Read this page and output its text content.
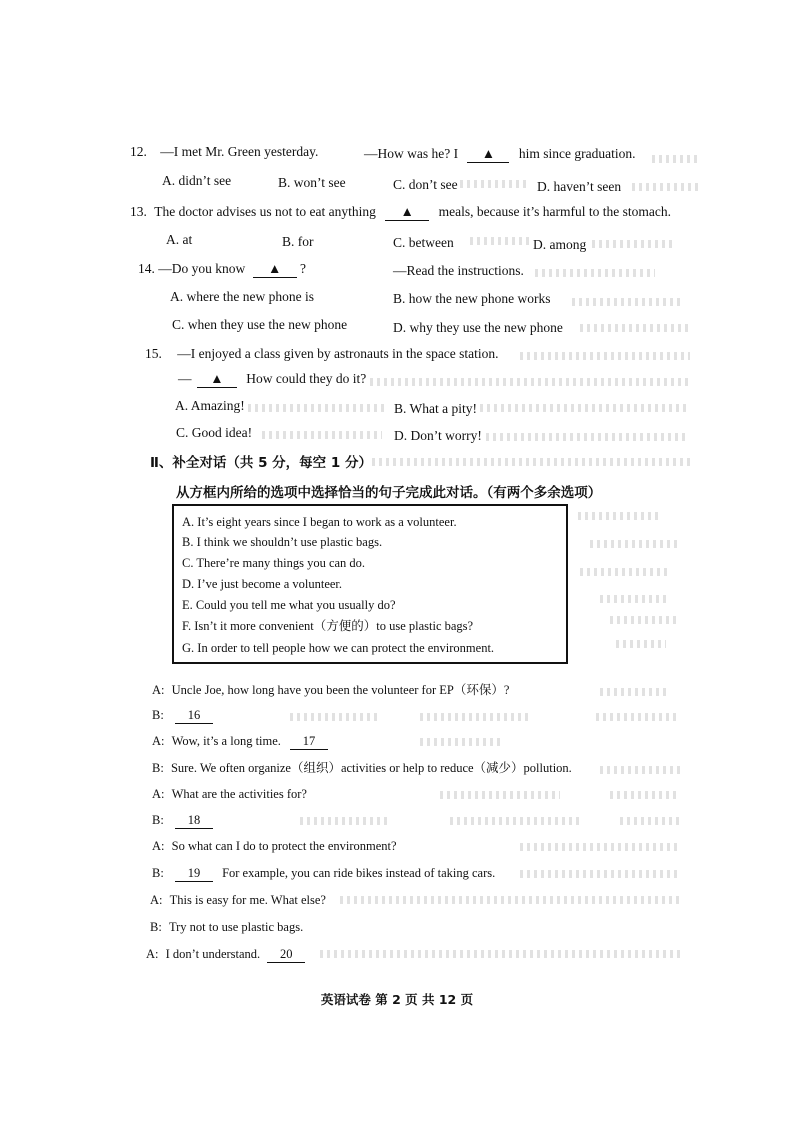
12. —I met Mr. Green yesterday.	—How was he? I ▲ him since graduation.
A. didn’t see	B. won’t see	C. don’t see	D. haven’t seen
13. The doctor advises us not to eat anything ▲ meals, because it’s harmful to the stomach.
A. at	B. for	C. between	D. among
14. —Do you know ▲ ?	—Read the instructions.
A. where the new phone is	B. how the new phone works
C. when they use the new phone	D. why they use the new phone
15. —I enjoyed a class given by astronauts in the space station.
— ▲ How could they do it?
A. Amazing!	B. What a pity!
C. Good idea!	D. Don’t worry!
Ⅱ、补全对话（共 5 分，每空 1 分）
从方框内所给的选项中选择恰当的句子完成此对话。（有两个多余选项）
A. It’s eight years since I began to work as a volunteer.
B. I think we shouldn’t use plastic bags.
C. There’re many things you can do.
D. I’ve just become a volunteer.
E. Could you tell me what you usually do?
F. Isn’t it more convenient（方便的）to use plastic bags?
G. In order to tell people how we can protect the environment.
A: Uncle Joe, how long have you been the volunteer for EP（环保）?
B: 16
A: Wow, it’s a long time. 17
B: Sure. We often organize（组织）activities or help to reduce（减少）pollution.
A: What are the activities for?
B: 18
A: So what can I do to protect the environment?
B: 19 For example, you can ride bikes instead of taking cars.
A: This is easy for me. What else?
B: Try not to use plastic bags.
A: I don’t understand. 20
英语试卷 第 2 页 共 12 页
